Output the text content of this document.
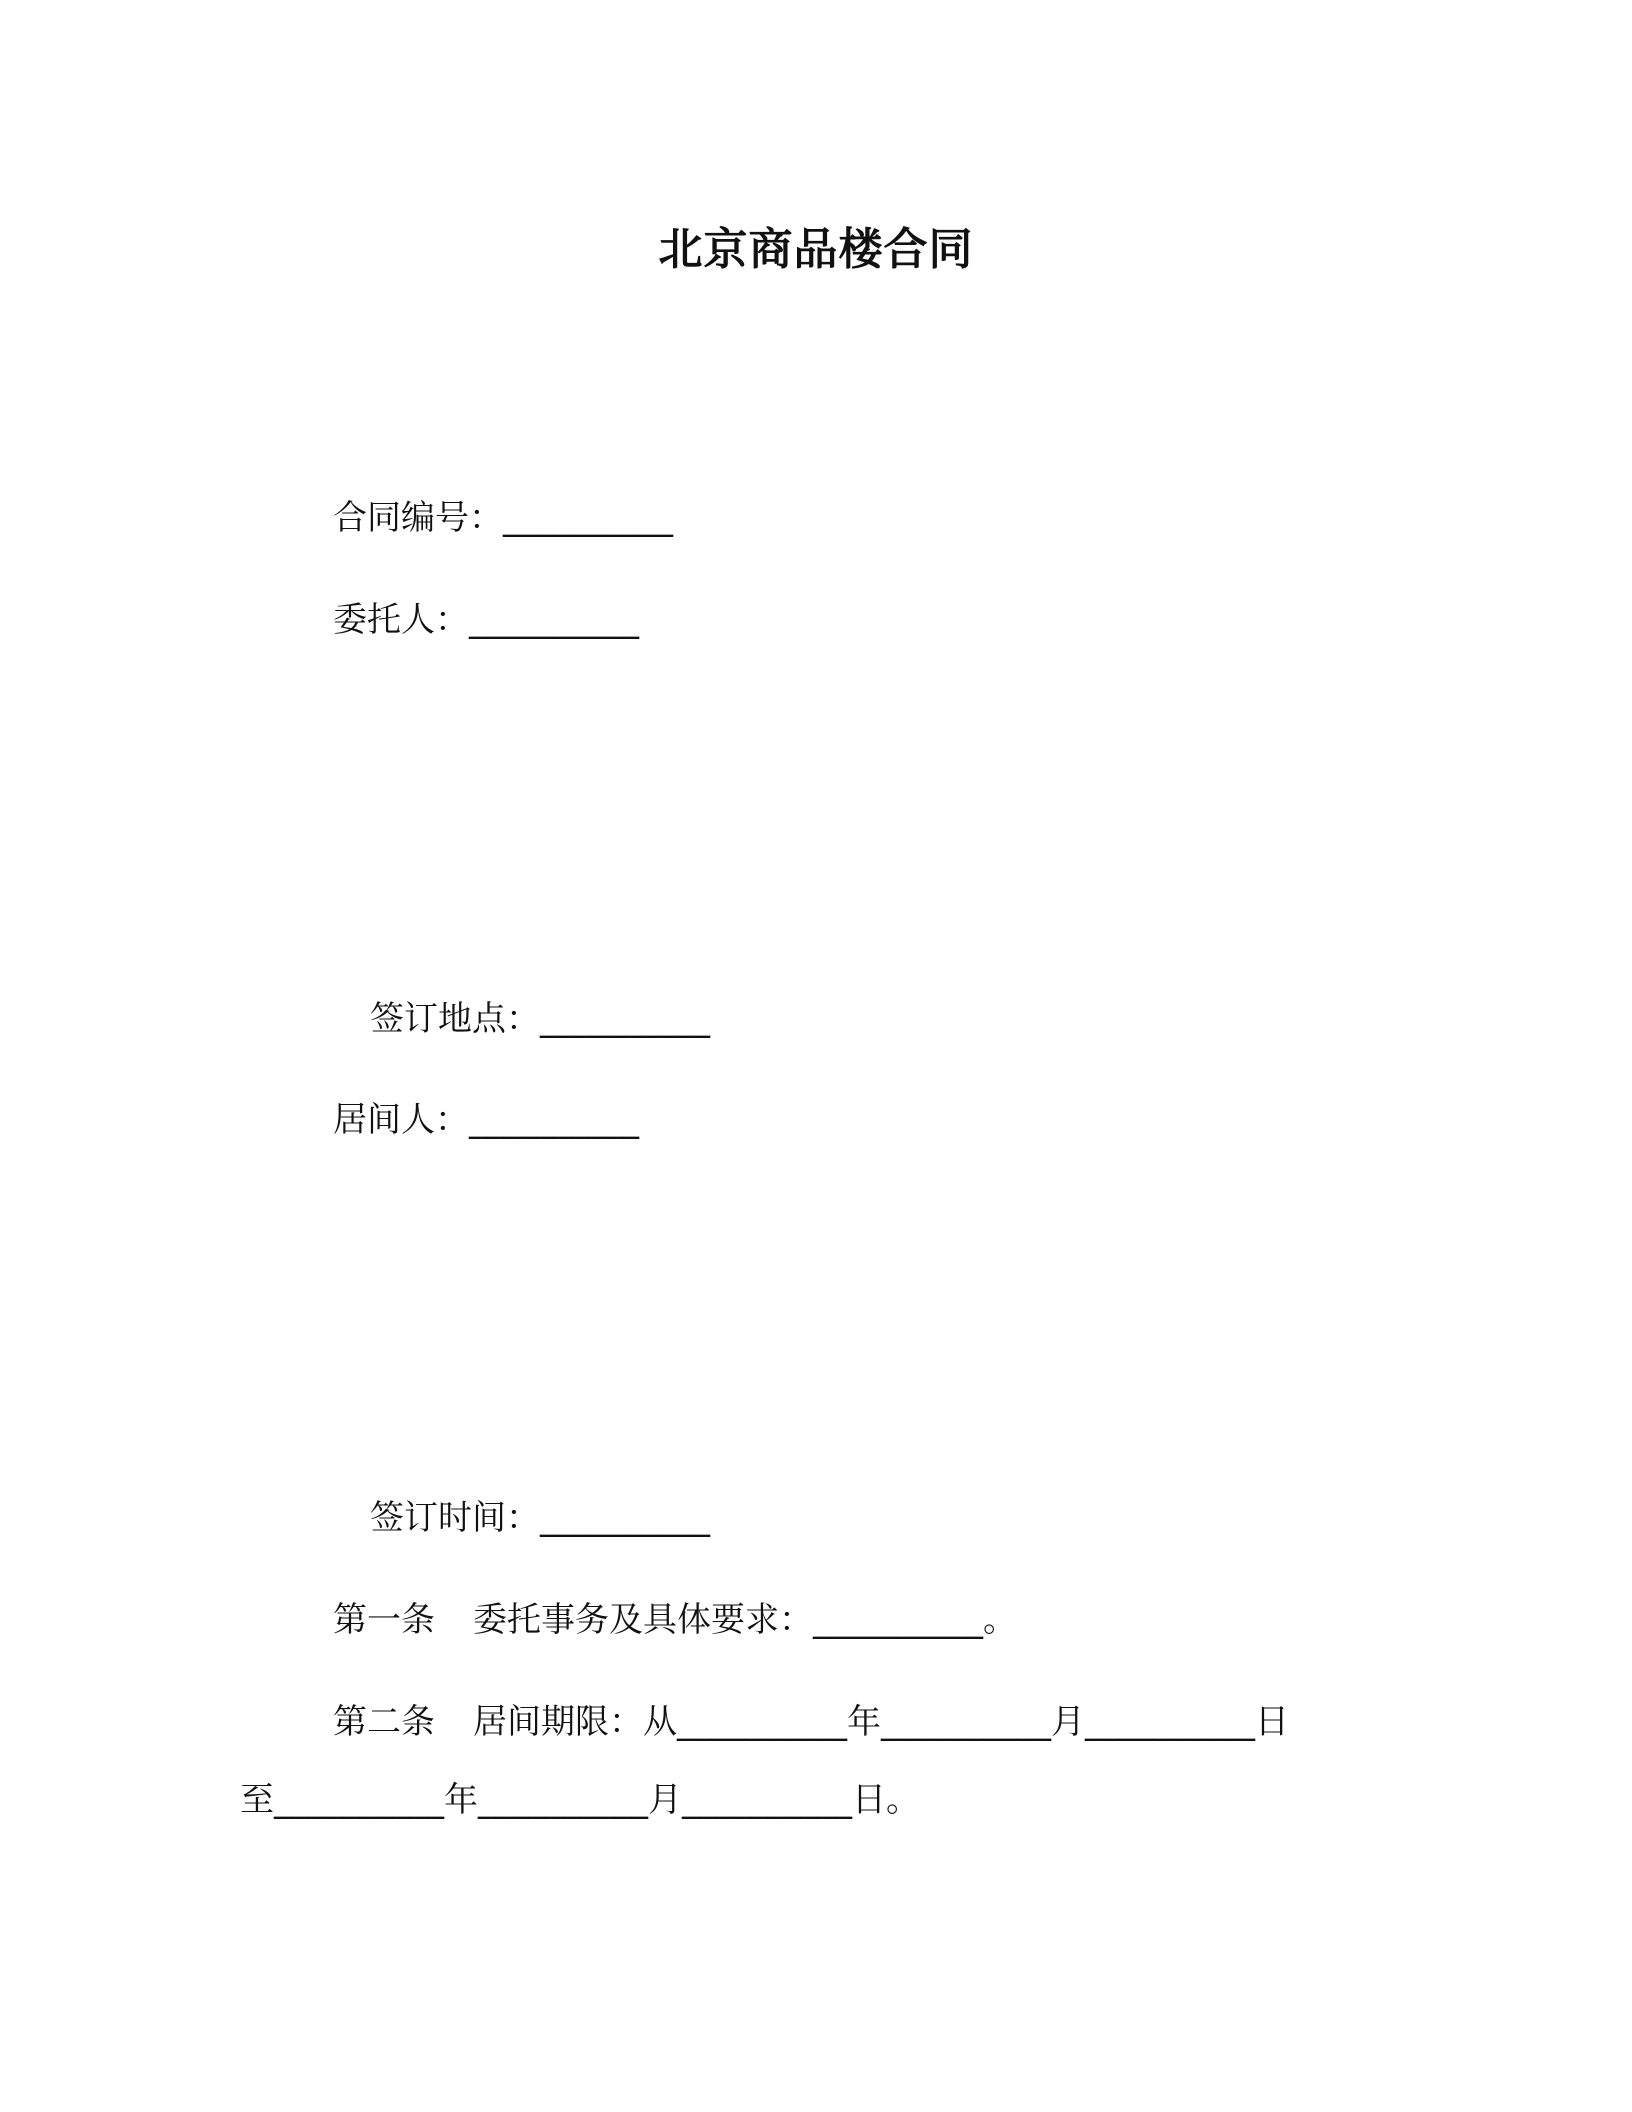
北京商品楼合同
合同编号：__________
委托人：__________
签订地点：__________
居间人：__________
签订时间：__________
第一条 委托事务及具体要求：__________。
第二条 居间期限：从__________年__________月__________日
至__________年__________月__________日。
